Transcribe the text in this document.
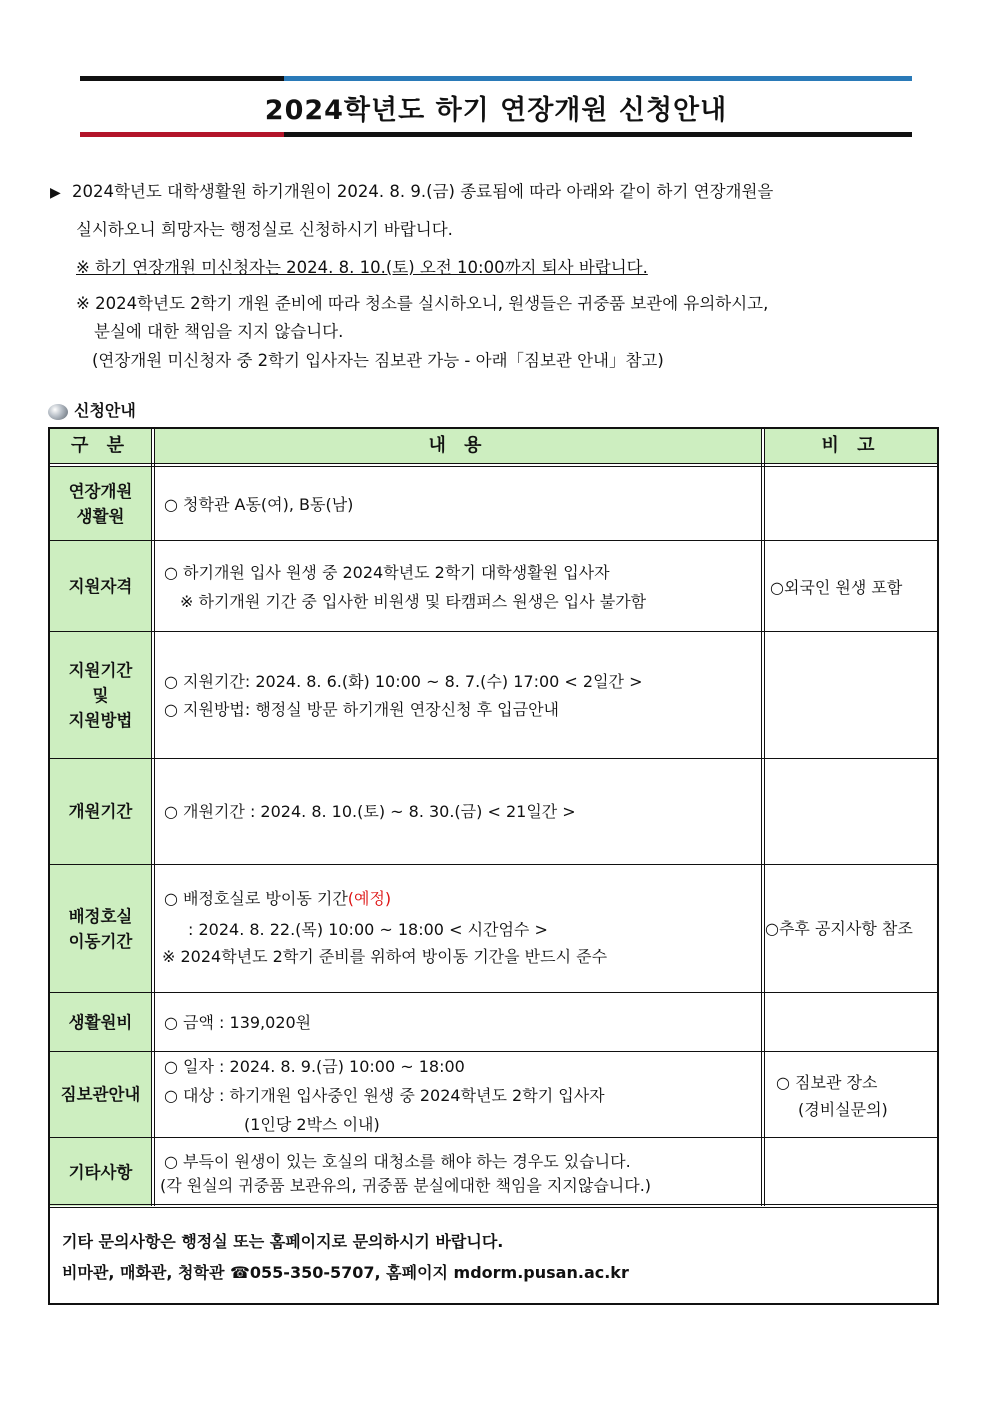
2024학년도 하기 연장개원 신청안내
▶ 2024학년도 대학생활원 하기개원이 2024. 8. 9.(금) 종료됨에 따라 아래와 같이 하기 연장개원을
실시하오니 희망자는 행정실로 신청하시기 바랍니다.
※ 하기 연장개원 미신청자는 2024. 8. 10.(토) 오전 10:00까지 퇴사 바랍니다.
※ 2024학년도 2학기 개원 준비에 따라 청소를 실시하오니, 원생들은 귀중품 보관에 유의하시고,
분실에 대한 책임을 지지 않습니다.
(연장개원 미신청자 중 2학기 입사자는 짐보관 가능 - 아래「짐보관 안내」참고)
신청안내
구 분	내 용	비 고
연장개원
생활원
지원자격
지원기간
및
지원방법
개원기간
배정호실
이동기간
생활원비
짐보관안내
기타사항
○ 청학관 A동(여), B동(남)
○ 하기개원 입사 원생 중 2024학년도 2학기 대학생활원 입사자
※ 하기개원 기간 중 입사한 비원생 및 타캠퍼스 원생은 입사 불가함
○외국인 원생 포함
○ 지원기간: 2024. 8. 6.(화) 10:00 ~ 8. 7.(수) 17:00 < 2일간 >
○ 지원방법: 행정실 방문 하기개원 연장신청 후 입금안내
○ 개원기간 : 2024. 8. 10.(토) ~ 8. 30.(금) < 21일간 >
○ 배정호실로 방이동 기간(예정)
: 2024. 8. 22.(목) 10:00 ~ 18:00 < 시간엄수 >
※ 2024학년도 2학기 준비를 위하여 방이동 기간을 반드시 준수
○추후 공지사항 참조
○ 금액 : 139,020원
○ 일자 : 2024. 8. 9.(금) 10:00 ~ 18:00
○ 대상 : 하기개원 입사중인 원생 중 2024학년도 2학기 입사자
(1인당 2박스 이내)
○ 짐보관 장소
(경비실문의)
○ 부득이 원생이 있는 호실의 대청소를 해야 하는 경우도 있습니다.
(각 원실의 귀중품 보관유의, 귀중품 분실에대한 책임을 지지않습니다.)
기타 문의사항은 행정실 또는 홈페이지로 문의하시기 바랍니다.
비마관, 매화관, 청학관 ☎055-350-5707, 홈페이지 mdorm.pusan.ac.kr
